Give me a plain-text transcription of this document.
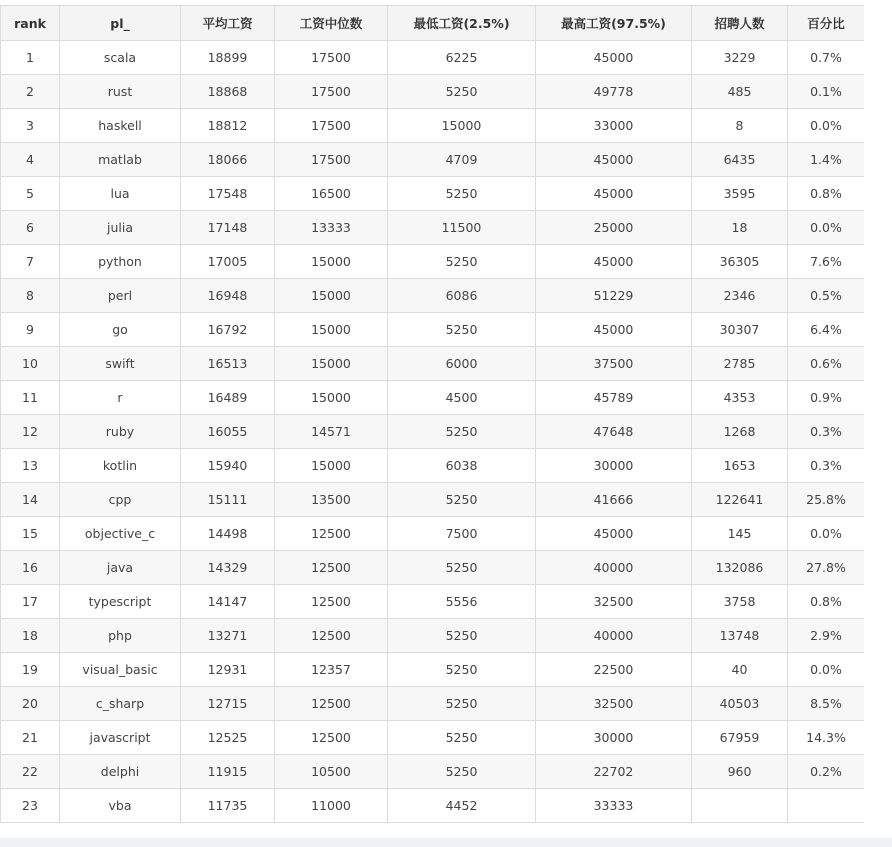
rank	pl_	平均工资	工资中位数	最低工资(2.5%)	最高工资(97.5%)	招聘人数	百分比
1	scala	18899	17500	6225	45000	3229	0.7%
2	rust	18868	17500	5250	49778	485	0.1%
3	haskell	18812	17500	15000	33000	8	0.0%
4	matlab	18066	17500	4709	45000	6435	1.4%
5	lua	17548	16500	5250	45000	3595	0.8%
6	julia	17148	13333	11500	25000	18	0.0%
7	python	17005	15000	5250	45000	36305	7.6%
8	perl	16948	15000	6086	51229	2346	0.5%
9	go	16792	15000	5250	45000	30307	6.4%
10	swift	16513	15000	6000	37500	2785	0.6%
11	r	16489	15000	4500	45789	4353	0.9%
12	ruby	16055	14571	5250	47648	1268	0.3%
13	kotlin	15940	15000	6038	30000	1653	0.3%
14	cpp	15111	13500	5250	41666	122641	25.8%
15	objective_c	14498	12500	7500	45000	145	0.0%
16	java	14329	12500	5250	40000	132086	27.8%
17	typescript	14147	12500	5556	32500	3758	0.8%
18	php	13271	12500	5250	40000	13748	2.9%
19	visual_basic	12931	12357	5250	22500	40	0.0%
20	c_sharp	12715	12500	5250	32500	40503	8.5%
21	javascript	12525	12500	5250	30000	67959	14.3%
22	delphi	11915	10500	5250	22702	960	0.2%
23	vba	11735	11000	4452	33333		
